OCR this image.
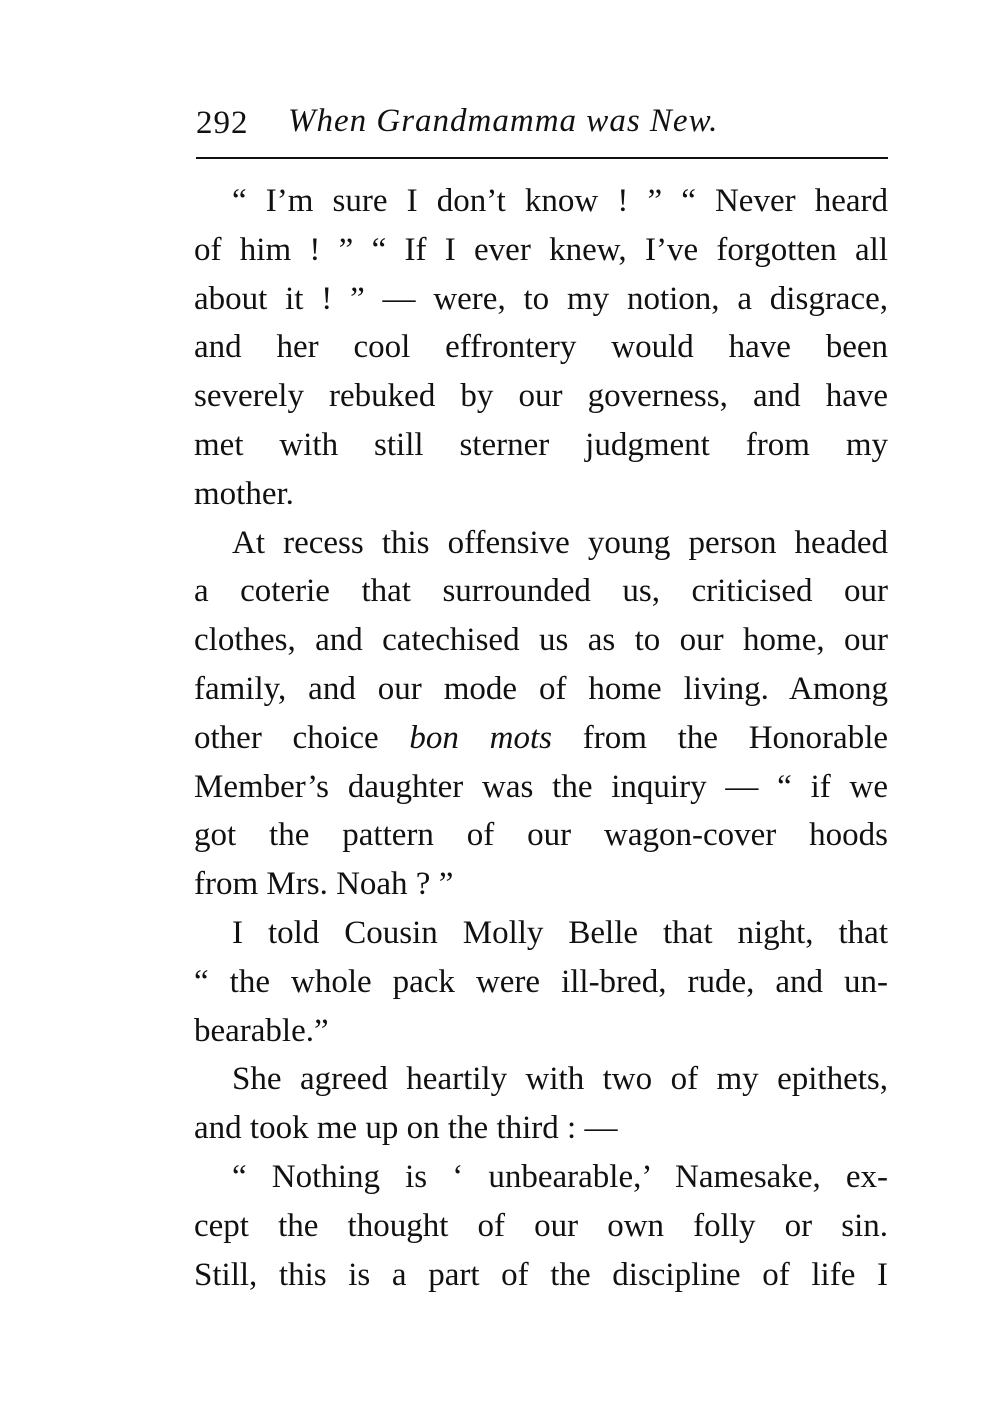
292 When Grandmamma was New.
“ I’m sure I don’t know ! ” “ Never heard
of him ! ” “ If I ever knew, I’ve forgotten all
about it ! ” — were, to my notion, a disgrace,
and her cool effrontery would have been
severely rebuked by our governess, and have
met with still sterner judgment from my
mother.
At recess this offensive young person headed
a coterie that surrounded us, criticised our
clothes, and catechised us as to our home, our
family, and our mode of home living. Among
other choice bon mots from the Honorable
Member’s daughter was the inquiry — “ if we
got the pattern of our wagon-cover hoods
from Mrs. Noah ? ”
I told Cousin Molly Belle that night, that
“ the whole pack were ill-bred, rude, and un-
bearable.”
She agreed heartily with two of my epithets,
and took me up on the third : —
“ Nothing is ‘ unbearable,’ Namesake, ex-
cept the thought of our own folly or sin.
Still, this is a part of the discipline of life I
